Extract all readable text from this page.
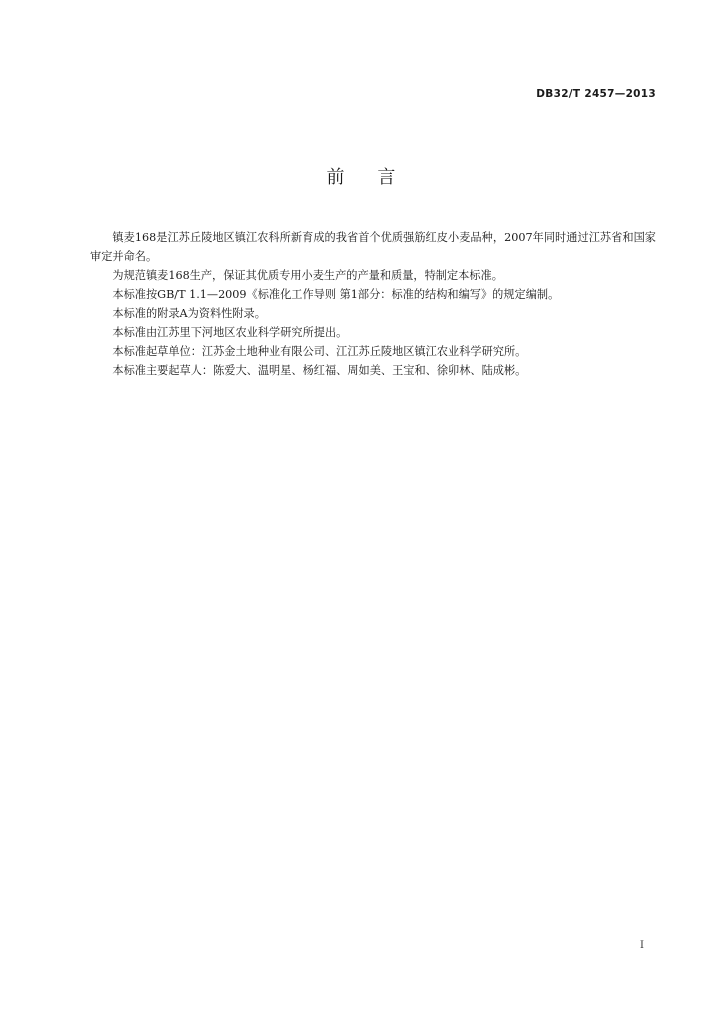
DB32/T 2457—2013
前    言

镇麦168是江苏丘陵地区镇江农科所新育成的我省首个优质强筋红皮小麦品种，2007年同时通过江苏省和国家审定并命名。

为规范镇麦168生产，保证其优质专用小麦生产的产量和质量，特制定本标准。

本标准按GB/T 1.1—2009《标准化工作导则 第1部分：标准的结构和编写》的规定编制。

本标准的附录A为资料性附录。

本标准由江苏里下河地区农业科学研究所提出。

本标准起草单位：江苏金土地种业有限公司、江江苏丘陵地区镇江农业科学研究所。

本标准主要起草人：陈爱大、温明星、杨红福、周如美、王宝和、徐卯林、陆成彬。

I
